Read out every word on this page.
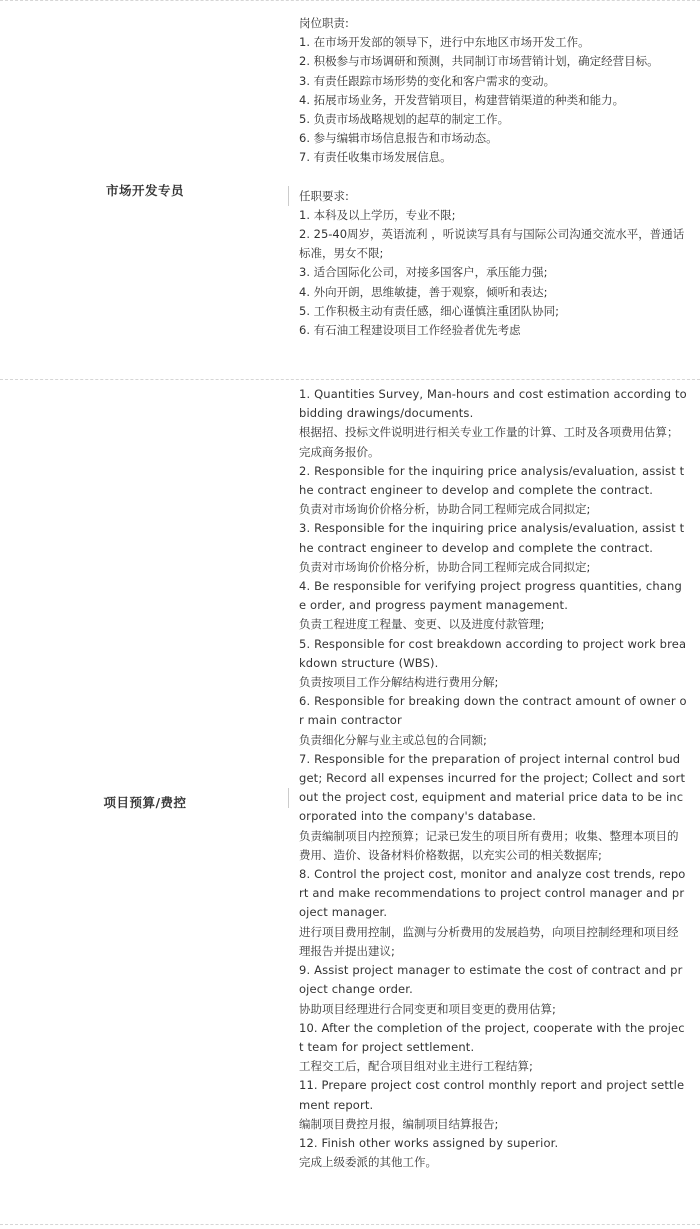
市场开发专员

岗位职责:

1. 在市场开发部的领导下，进行中东地区市场开发工作。

2. 积极参与市场调研和预测，共同制订市场营销计划，确定经营目标。

3. 有责任跟踪市场形势的变化和客户需求的变动。

4. 拓展市场业务，开发营销项目，构建营销渠道的种类和能力。

5. 负责市场战略规划的起草的制定工作。

6. 参与编辑市场信息报告和市场动态。

7. 有责任收集市场发展信息。

任职要求:

1. 本科及以上学历，专业不限;

2. 25-40周岁，英语流利 ，听说读写具有与国际公司沟通交流水平，普通话标准，男女不限;

3. 适合国际化公司，对接多国客户，承压能力强;

4. 外向开朗，思维敏捷，善于观察，倾听和表达;

5. 工作积极主动有责任感，细心谨慎注重团队协同;

6. 有石油工程建设项目工作经验者优先考虑

项目预算/费控

1. Quantities Survey, Man-hours and cost estimation according to bidding drawings/documents.

根据招、投标文件说明进行相关专业工作量的计算、工时及各项费用估算；完成商务报价。

2. Responsible for the inquiring price analysis/evaluation, assist the contract engineer to develop and complete the contract.

负责对市场询价价格分析，协助合同工程师完成合同拟定;

3. Responsible for the inquiring price analysis/evaluation, assist the contract engineer to develop and complete the contract.

负责对市场询价价格分析，协助合同工程师完成合同拟定;

4. Be responsible for verifying project progress quantities, change order, and progress payment management.

负责工程进度工程量、变更、以及进度付款管理;

5. Responsible for cost breakdown according to project work breakdown structure (WBS).

负责按项目工作分解结构进行费用分解;

6. Responsible for breaking down the contract amount of owner or main contractor

负责细化分解与业主或总包的合同额;

7. Responsible for the preparation of project internal control budget; Record all expenses incurred for the project; Collect and sort out the project cost, equipment and material price data to be incorporated into the company's database.

负责编制项目内控预算；记录已发生的项目所有费用；收集、整理本项目的费用、造价、设备材料价格数据，以充实公司的相关数据库;

8. Control the project cost, monitor and analyze cost trends, report and make recommendations to project control manager and project manager.

进行项目费用控制，监测与分析费用的发展趋势，向项目控制经理和项目经理报告并提出建议;

9. Assist project manager to estimate the cost of contract and project change order.

协助项目经理进行合同变更和项目变更的费用估算;

10. After the completion of the project, cooperate with the project team for project settlement.

工程交工后，配合项目组对业主进行工程结算;

11. Prepare project cost control monthly report and project settlement report.

编制项目费控月报，编制项目结算报告;

12. Finish other works assigned by superior.

完成上级委派的其他工作。
